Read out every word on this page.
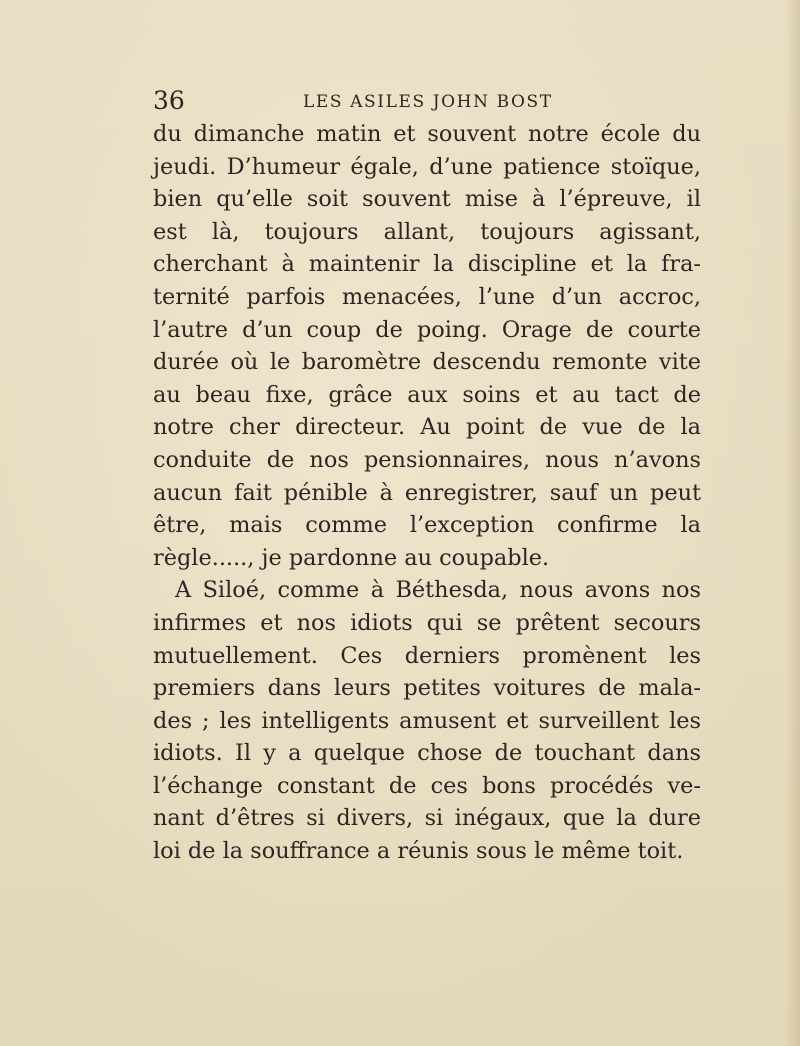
36	LES ASILES JOHN BOST
du dimanche matin et souvent notre école du
jeudi. D’humeur égale, d’une patience stoïque,
bien qu’elle soit souvent mise à l’épreuve, il
est là, toujours allant, toujours agissant,
cherchant à maintenir la discipline et la fra-
ternité parfois menacées, l’une d’un accroc,
l’autre d’un coup de poing. Orage de courte
durée où le baromètre descendu remonte vite
au beau fixe, grâce aux soins et au tact de
notre cher directeur. Au point de vue de la
conduite de nos pensionnaires, nous n’avons
aucun fait pénible à enregistrer, sauf un peut
être, mais comme l’exception confirme la
règle....., je pardonne au coupable.
A Siloé, comme à Béthesda, nous avons nos
infirmes et nos idiots qui se prêtent secours
mutuellement. Ces derniers promènent les
premiers dans leurs petites voitures de mala-
des ; les intelligents amusent et surveillent les
idiots. Il y a quelque chose de touchant dans
l’échange constant de ces bons procédés ve-
nant d’êtres si divers, si inégaux, que la dure
loi de la souffrance a réunis sous le même toit.
